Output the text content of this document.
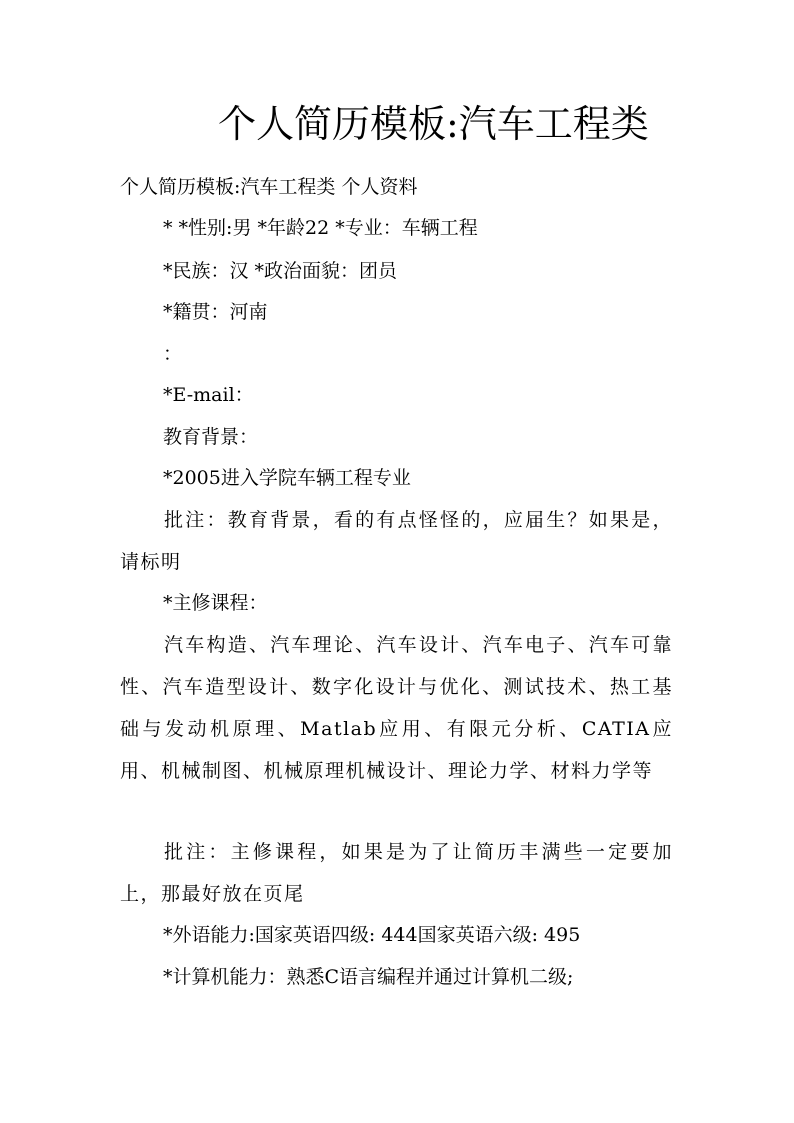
个人简历模板:汽车工程类
个人简历模板:汽车工程类 个人资料
* *性别:男 *年龄22 *专业：车辆工程
*民族：汉 *政治面貌：团员
*籍贯：河南
：
*E-mail：
教育背景：
*2005进入学院车辆工程专业
批注：教育背景，看的有点怪怪的，应届生？如果是，请标明
*主修课程：
汽车构造、汽车理论、汽车设计、汽车电子、汽车可靠性、汽车造型设计、数字化设计与优化、测试技术、热工基础与发动机原理、Matlab应用、有限元分析、CATIA应用、机械制图、机械原理机械设计、理论力学、材料力学等
批注：主修课程，如果是为了让简历丰满些一定要加上，那最好放在页尾
*外语能力:国家英语四级: 444国家英语六级: 495
*计算机能力：熟悉C语言编程并通过计算机二级;
